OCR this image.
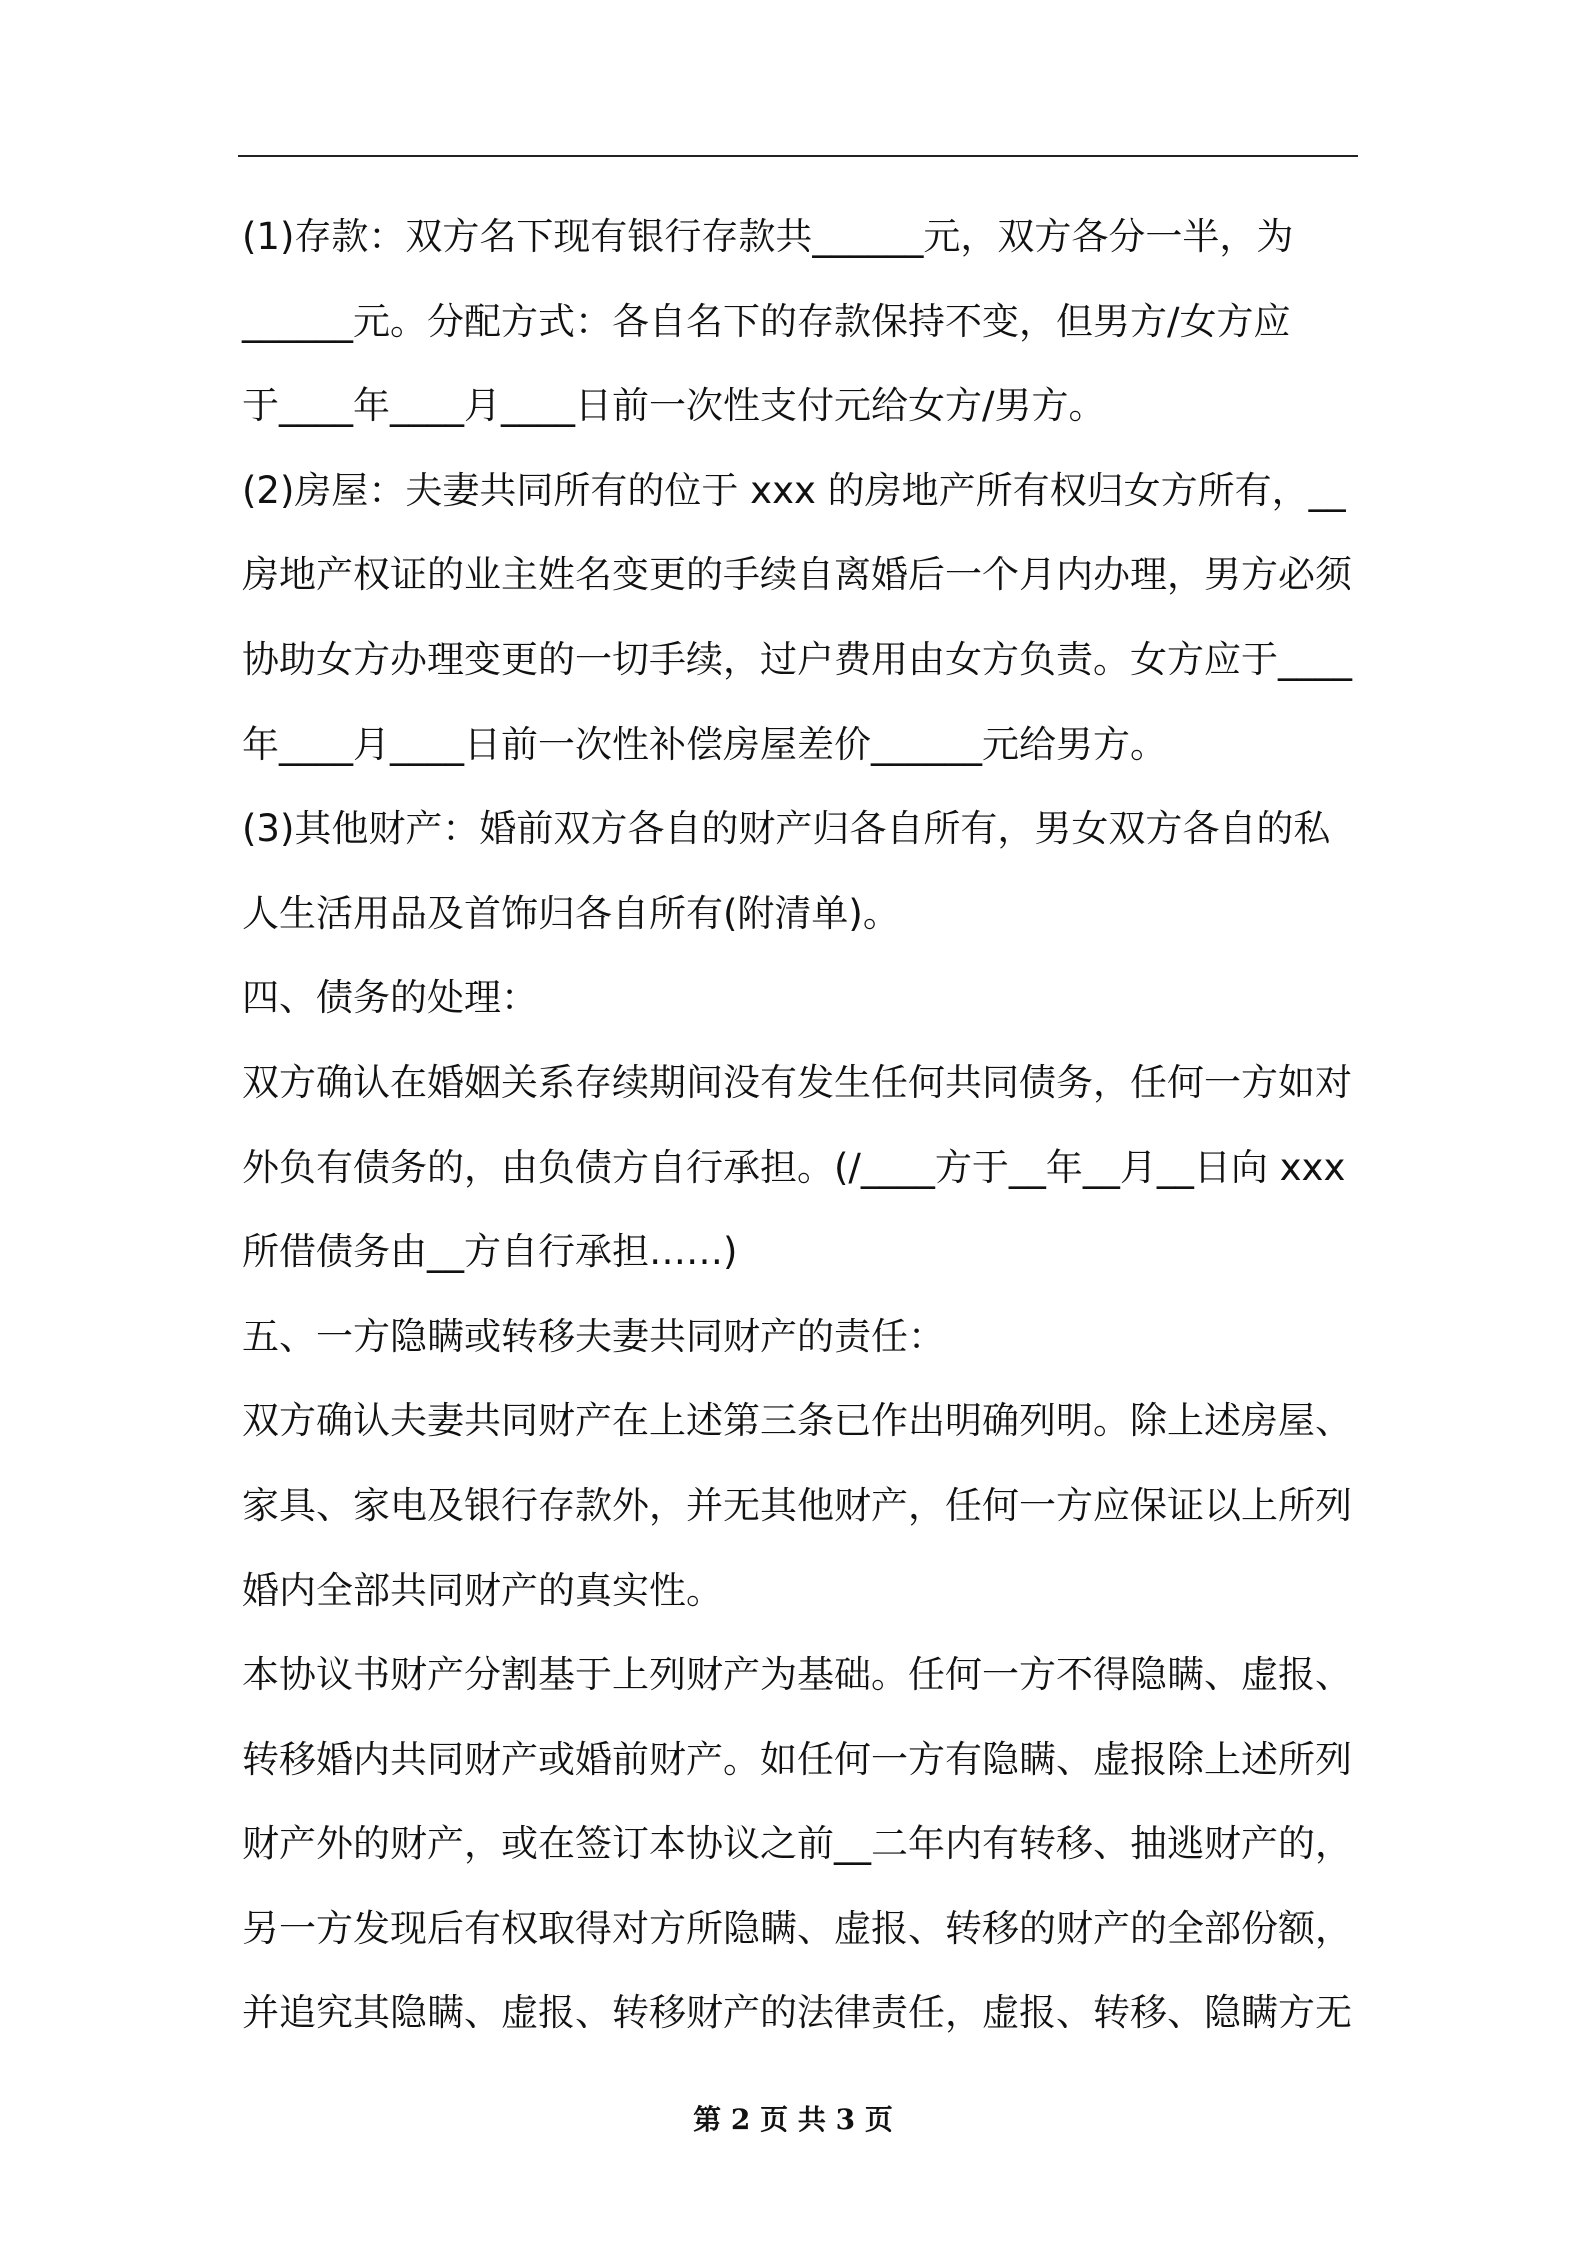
(1)存款：双方名下现有银行存款共______元，双方各分一半，为
______元。分配方式：各自名下的存款保持不变，但男方/女方应
于____年____月____日前一次性支付元给女方/男方。
(2)房屋：夫妻共同所有的位于 xxx 的房地产所有权归女方所有，__
房地产权证的业主姓名变更的手续自离婚后一个月内办理，男方必须
协助女方办理变更的一切手续，过户费用由女方负责。女方应于____
年____月____日前一次性补偿房屋差价______元给男方。
(3)其他财产：婚前双方各自的财产归各自所有，男女双方各自的私
人生活用品及首饰归各自所有(附清单)。
四、债务的处理：
双方确认在婚姻关系存续期间没有发生任何共同债务，任何一方如对
外负有债务的，由负债方自行承担。(/____方于__年__月__日向 xxx
所借债务由__方自行承担……)
五、一方隐瞒或转移夫妻共同财产的责任：
双方确认夫妻共同财产在上述第三条已作出明确列明。除上述房屋、
家具、家电及银行存款外，并无其他财产，任何一方应保证以上所列
婚内全部共同财产的真实性。
本协议书财产分割基于上列财产为基础。任何一方不得隐瞒、虚报、
转移婚内共同财产或婚前财产。如任何一方有隐瞒、虚报除上述所列
财产外的财产，或在签订本协议之前__二年内有转移、抽逃财产的，
另一方发现后有权取得对方所隐瞒、虚报、转移的财产的全部份额，
并追究其隐瞒、虚报、转移财产的法律责任，虚报、转移、隐瞒方无
第 2 页 共 3 页
